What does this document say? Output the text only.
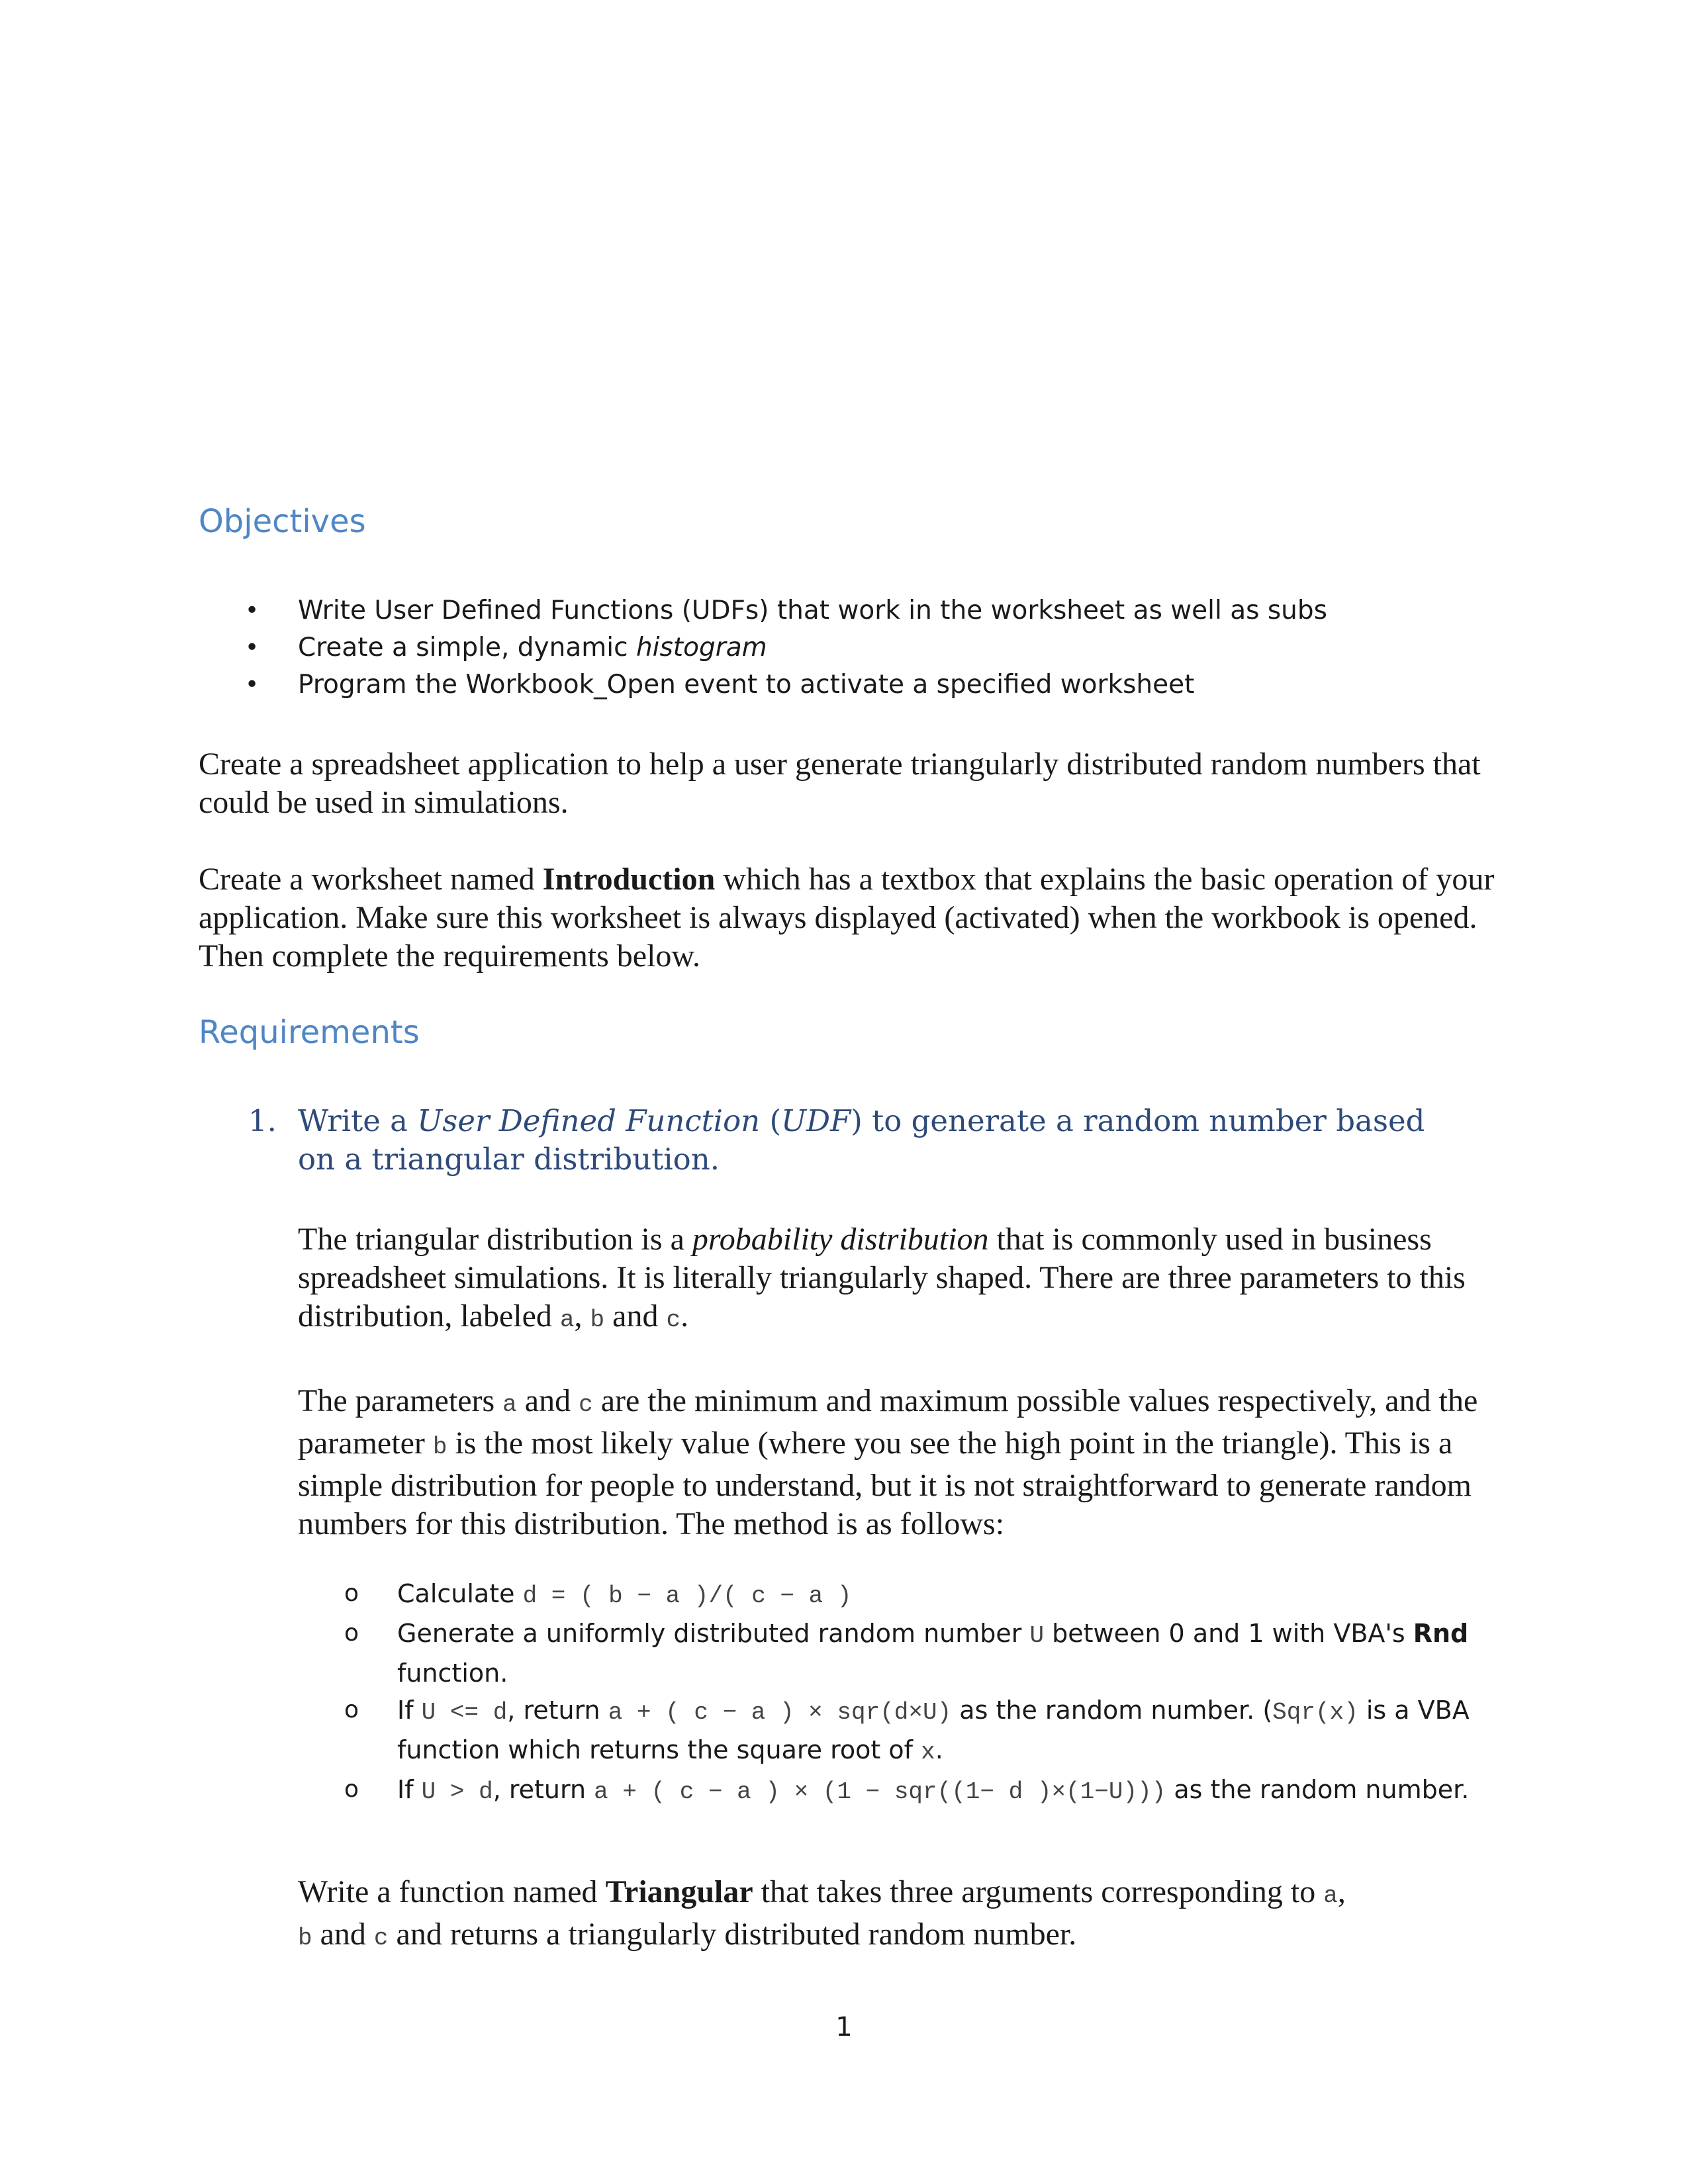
Objectives
• Write User Defined Functions (UDFs) that work in the worksheet as well as subs
• Create a simple, dynamic histogram
• Program the Workbook_Open event to activate a specified worksheet

Create a spreadsheet application to help a user generate triangularly distributed random numbers that could be used in simulations.

Create a worksheet named Introduction which has a textbox that explains the basic operation of your application. Make sure this worksheet is always displayed (activated) when the workbook is opened. Then complete the requirements below.

Requirements
1. Write a User Defined Function (UDF) to generate a random number based on a triangular distribution.

The triangular distribution is a probability distribution that is commonly used in business spreadsheet simulations. It is literally triangularly shaped. There are three parameters to this distribution, labeled a, b and c.

The parameters a and c are the minimum and maximum possible values respectively, and the parameter b is the most likely value (where you see the high point in the triangle). This is a simple distribution for people to understand, but it is not straightforward to generate random numbers for this distribution. The method is as follows:

o Calculate d = ( b − a )/( c − a )
o Generate a uniformly distributed random number U between 0 and 1 with VBA's Rnd function.
o If U <= d, return a + ( c − a ) × sqr(d×U) as the random number. (Sqr(x) is a VBA function which returns the square root of x.
o If U > d, return a + ( c − a ) × (1 − sqr((1− d )×(1−U))) as the random number.

Write a function named Triangular that takes three arguments corresponding to a, b and c and returns a triangularly distributed random number.

1
